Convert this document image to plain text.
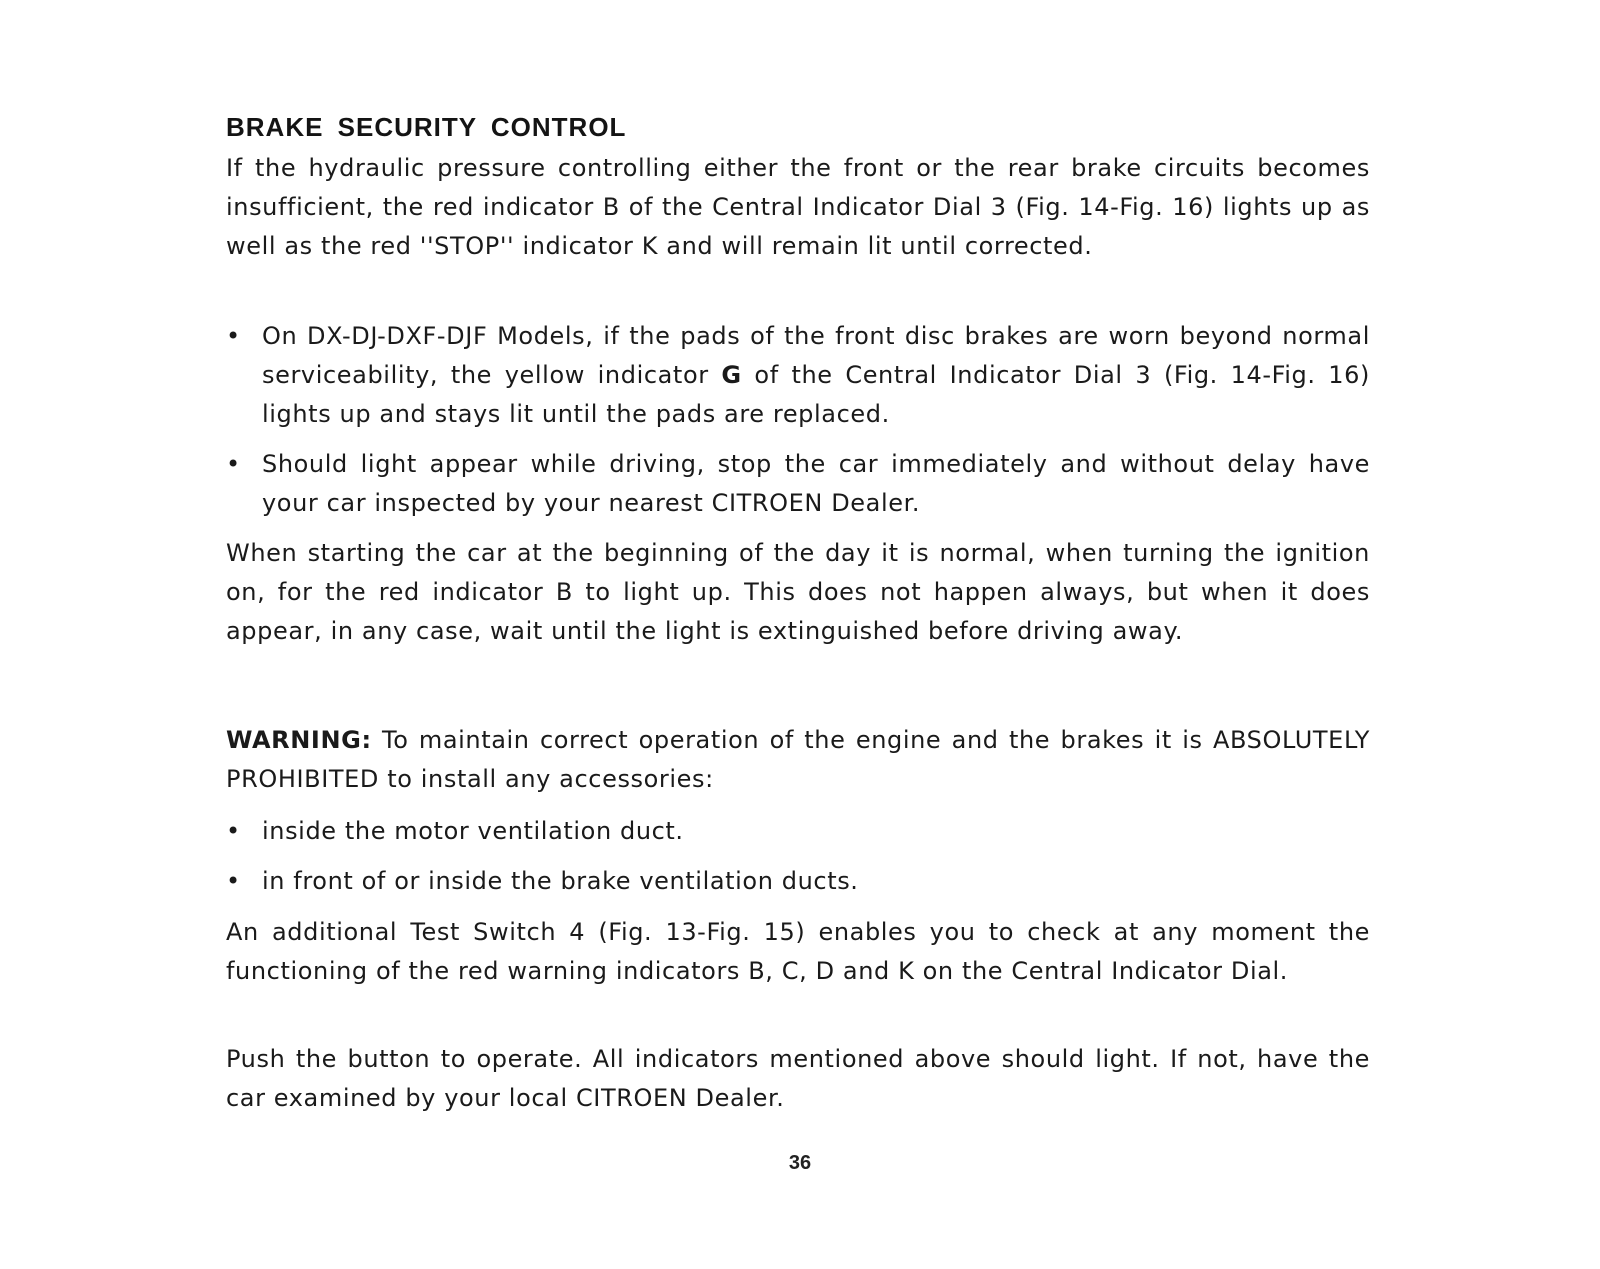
BRAKE SECURITY CONTROL
If the hydraulic pressure controlling either the front or the rear brake circuits becomes insufficient, the red indicator B of the Central Indicator Dial 3 (Fig. 14-Fig. 16) lights up as well as the red ''STOP'' indicator K and will remain lit until corrected.
• On DX-DJ-DXF-DJF Models, if the pads of the front disc brakes are worn beyond normal serviceability, the yellow indicator G of the Central Indicator Dial 3 (Fig. 14-Fig. 16) lights up and stays lit until the pads are replaced.
• Should light appear while driving, stop the car immediately and without delay have your car inspected by your nearest CITROEN Dealer.
When starting the car at the beginning of the day it is normal, when turning the ignition on, for the red indicator B to light up. This does not happen always, but when it does appear, in any case, wait until the light is extinguished before driving away.
WARNING: To maintain correct operation of the engine and the brakes it is ABSOLUTELY PROHIBITED to install any accessories:
• inside the motor ventilation duct.
• in front of or inside the brake ventilation ducts.
An additional Test Switch 4 (Fig. 13-Fig. 15) enables you to check at any moment the functioning of the red warning indicators B, C, D and K on the Central Indicator Dial.
Push the button to operate. All indicators mentioned above should light. If not, have the car examined by your local CITROEN Dealer.
36
